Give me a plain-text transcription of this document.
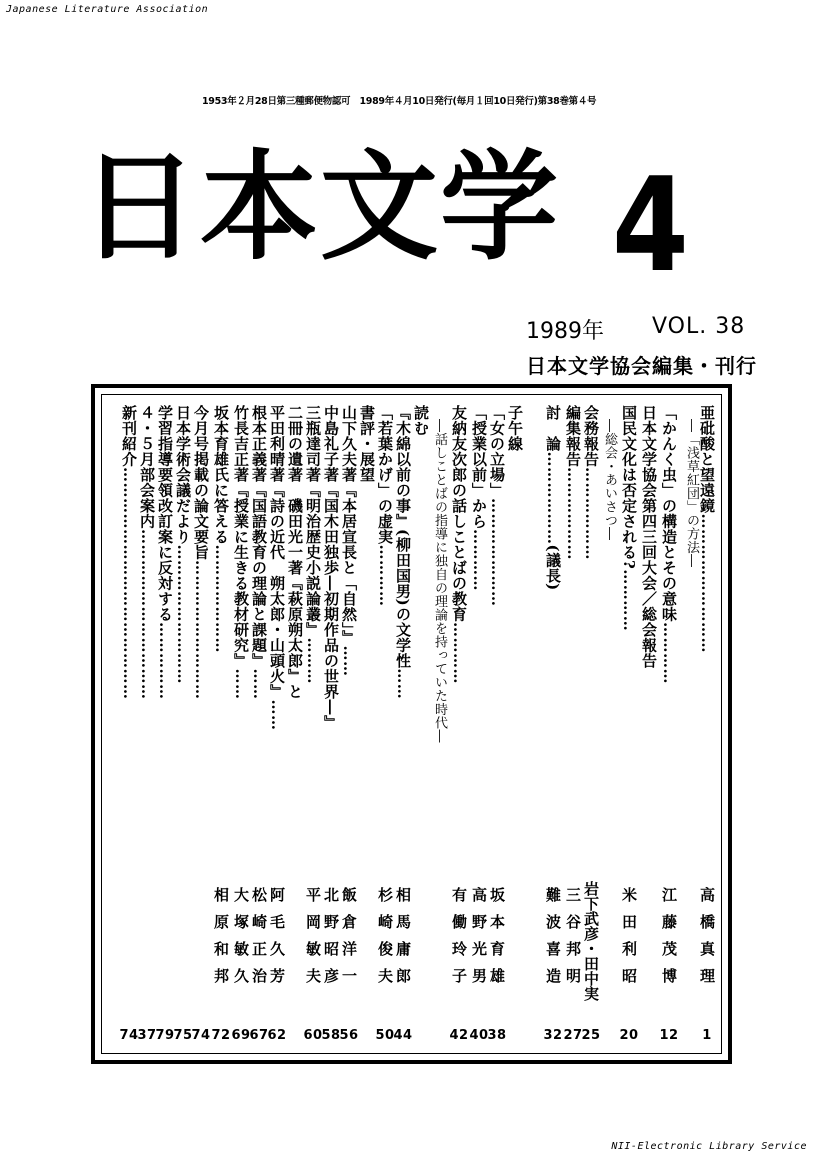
Japanese Literature Association
1953年２月28日第三種郵便物認可　1989年４月10日発行(毎月１回10日発行)第38巻第４号
日本文学 4
1989年 VOL. 38
日本文学協会編集・刊行
亜砒酸と望遠鏡………………………
高橋真理
1
―「浅草紅団」の方法―
「かんく虫」の構造とその意味…………
江藤茂博
12
日本文学協会第四三回大会／総会報告
国民文化は否定される?…………
米田利昭
20
―総会・あいさつ―
会務報告………………
岩下武彦・田中実
25
編集報告………………
三谷邦明
27
討　論………………(議長)
難波喜造
32
子午線
「女の立場」…………………
坂本育雄
38
「授業以前」から…………
高野光男
40
友納友次郎の話しことばの教育…………
有働玲子
42
―話しことばの指導に独自の理論を持っていた時代―
読む
『木綿以前の事』(柳田国男)の文学性……
相馬庸郎
44
「若葉かげ」の虚実…………
杉崎俊夫
50
書評・展望
山下久夫著『本居宣長と「自然」』……
飯倉洋一
56
中島礼子著『国木田独歩―初期作品の世界―』
北野昭彦
58
三瓶達司著『明治歴史小説論叢』………
平岡敏夫
60
二冊の遺著　磯田光一著『萩原朔太郎』と
平田利晴著『詩の近代　朔太郎・山頭火』……
阿毛久芳
62
根本正義著『国語教育の理論と課題』……
松崎正治
67
竹長吉正著『授業に生きる教材研究』……
大塚敏久
69
坂本育雄氏に答える…………………
相原和邦
72
今月号掲載の論文要旨………………………
74
日本学術会議だより………………………
75
学習指導要領改訂案に反対する……………
79
４・５月部会案内……………………………
37
新刊紹介………………………………………
74
NII-Electronic Library Service
